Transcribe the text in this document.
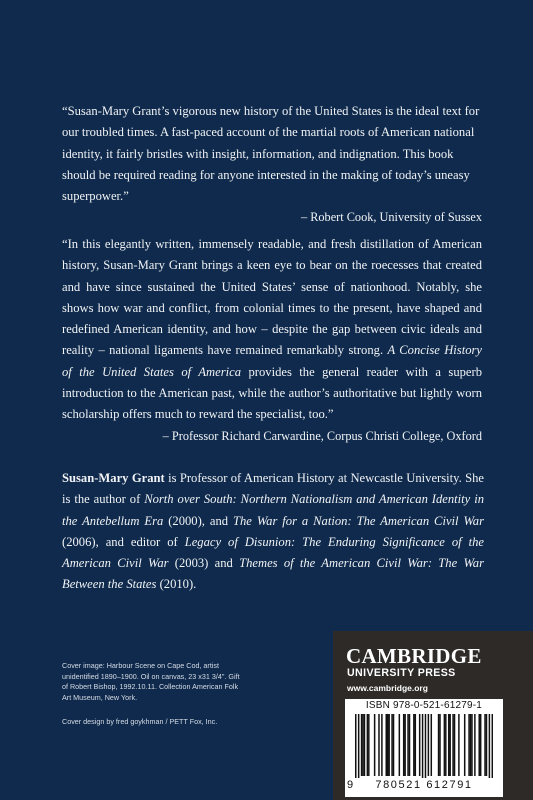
“Susan-Mary Grant’s vigorous new history of the United States is the ideal text for our troubled times. A fast-paced account of the martial roots of American national identity, it fairly bristles with insight, information, and indignation. This book should be required reading for anyone interested in the making of today’s uneasy superpower.”

– Robert Cook, University of Sussex

“In this elegantly written, immensely readable, and fresh distillation of American history, Susan-Mary Grant brings a keen eye to bear on the roecesses that created and have since sustained the United States’ sense of nationhood. Notably, she shows how war and conflict, from colonial times to the present, have shaped and redefined American identity, and how – despite the gap between civic ideals and reality – national ligaments have remained remarkably strong. A Concise History of the United States of America provides the general reader with a superb introduction to the American past, while the author’s authoritative but lightly worn scholarship offers much to reward the specialist, too.”

– Professor Richard Carwardine, Corpus Christi College, Oxford

Susan-Mary Grant is Professor of American History at Newcastle University. She is the author of North over South: Northern Nationalism and American Identity in the Antebellum Era (2000), and The War for a Nation: The American Civil War (2006), and editor of Legacy of Disunion: The Enduring Significance of the American Civil War (2003) and Themes of the American Civil War: The War Between the States (2010).

Cover image: Harbour Scene on Cape Cod, artist unidentified 1890–1900. Oil on canvas, 23 x31 3/4". Gift of Robert Bishop, 1992.10.11. Collection American Folk Art Museum, New York.
Cover design by fred goykhman / PETT Fox, Inc.
CAMBRIDGE
UNIVERSITY PRESS
www.cambridge.org
ISBN 978-0-521-61279-1
9 780521 612791
